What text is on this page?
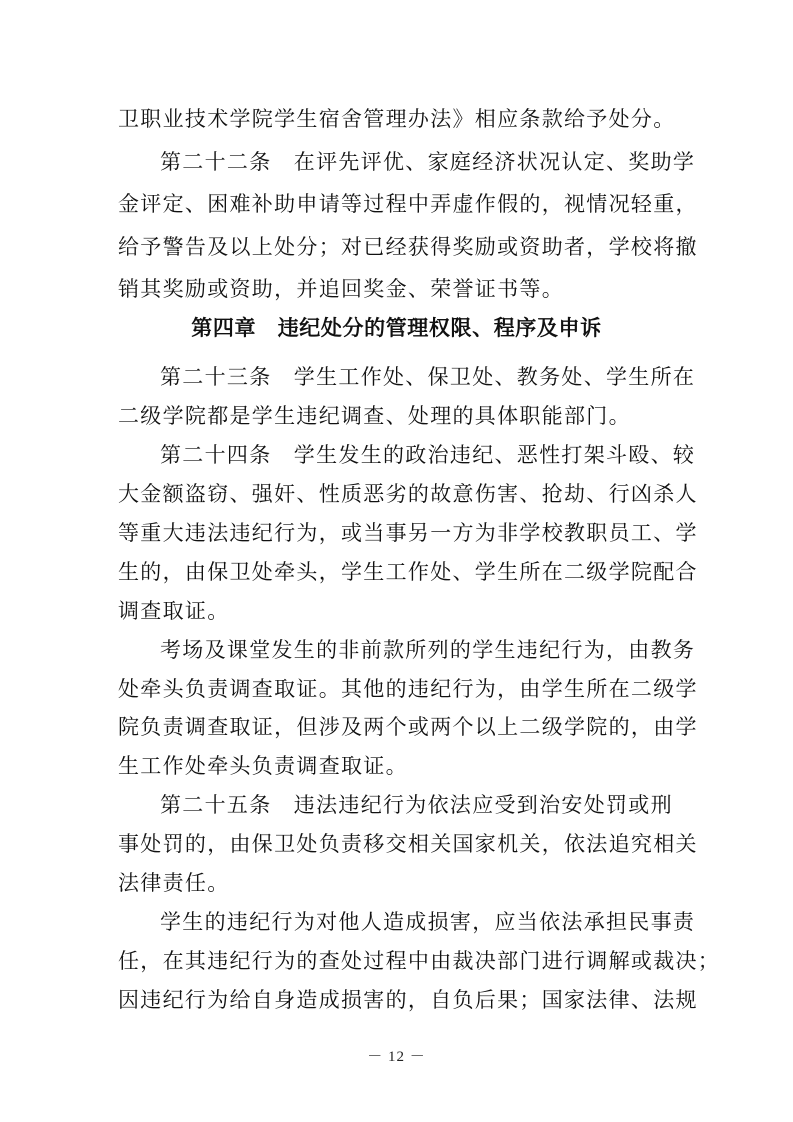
卫职业技术学院学生宿舍管理办法》相应条款给予处分。
第二十二条　在评先评优、家庭经济状况认定、奖助学
金评定、困难补助申请等过程中弄虚作假的，视情况轻重，
给予警告及以上处分；对已经获得奖励或资助者，学校将撤
销其奖励或资助，并追回奖金、荣誉证书等。
第四章　违纪处分的管理权限、程序及申诉
第二十三条　学生工作处、保卫处、教务处、学生所在
二级学院都是学生违纪调查、处理的具体职能部门。
第二十四条　学生发生的政治违纪、恶性打架斗殴、较
大金额盗窃、强奸、性质恶劣的故意伤害、抢劫、行凶杀人
等重大违法违纪行为，或当事另一方为非学校教职员工、学
生的，由保卫处牵头，学生工作处、学生所在二级学院配合
调查取证。
考场及课堂发生的非前款所列的学生违纪行为，由教务
处牵头负责调查取证。其他的违纪行为，由学生所在二级学
院负责调查取证，但涉及两个或两个以上二级学院的，由学
生工作处牵头负责调查取证。
第二十五条　违法违纪行为依法应受到治安处罚或刑
事处罚的，由保卫处负责移交相关国家机关，依法追究相关
法律责任。
学生的违纪行为对他人造成损害，应当依法承担民事责
任，在其违纪行为的查处过程中由裁决部门进行调解或裁决；
因违纪行为给自身造成损害的，自负后果；国家法律、法规
－ 12 －
